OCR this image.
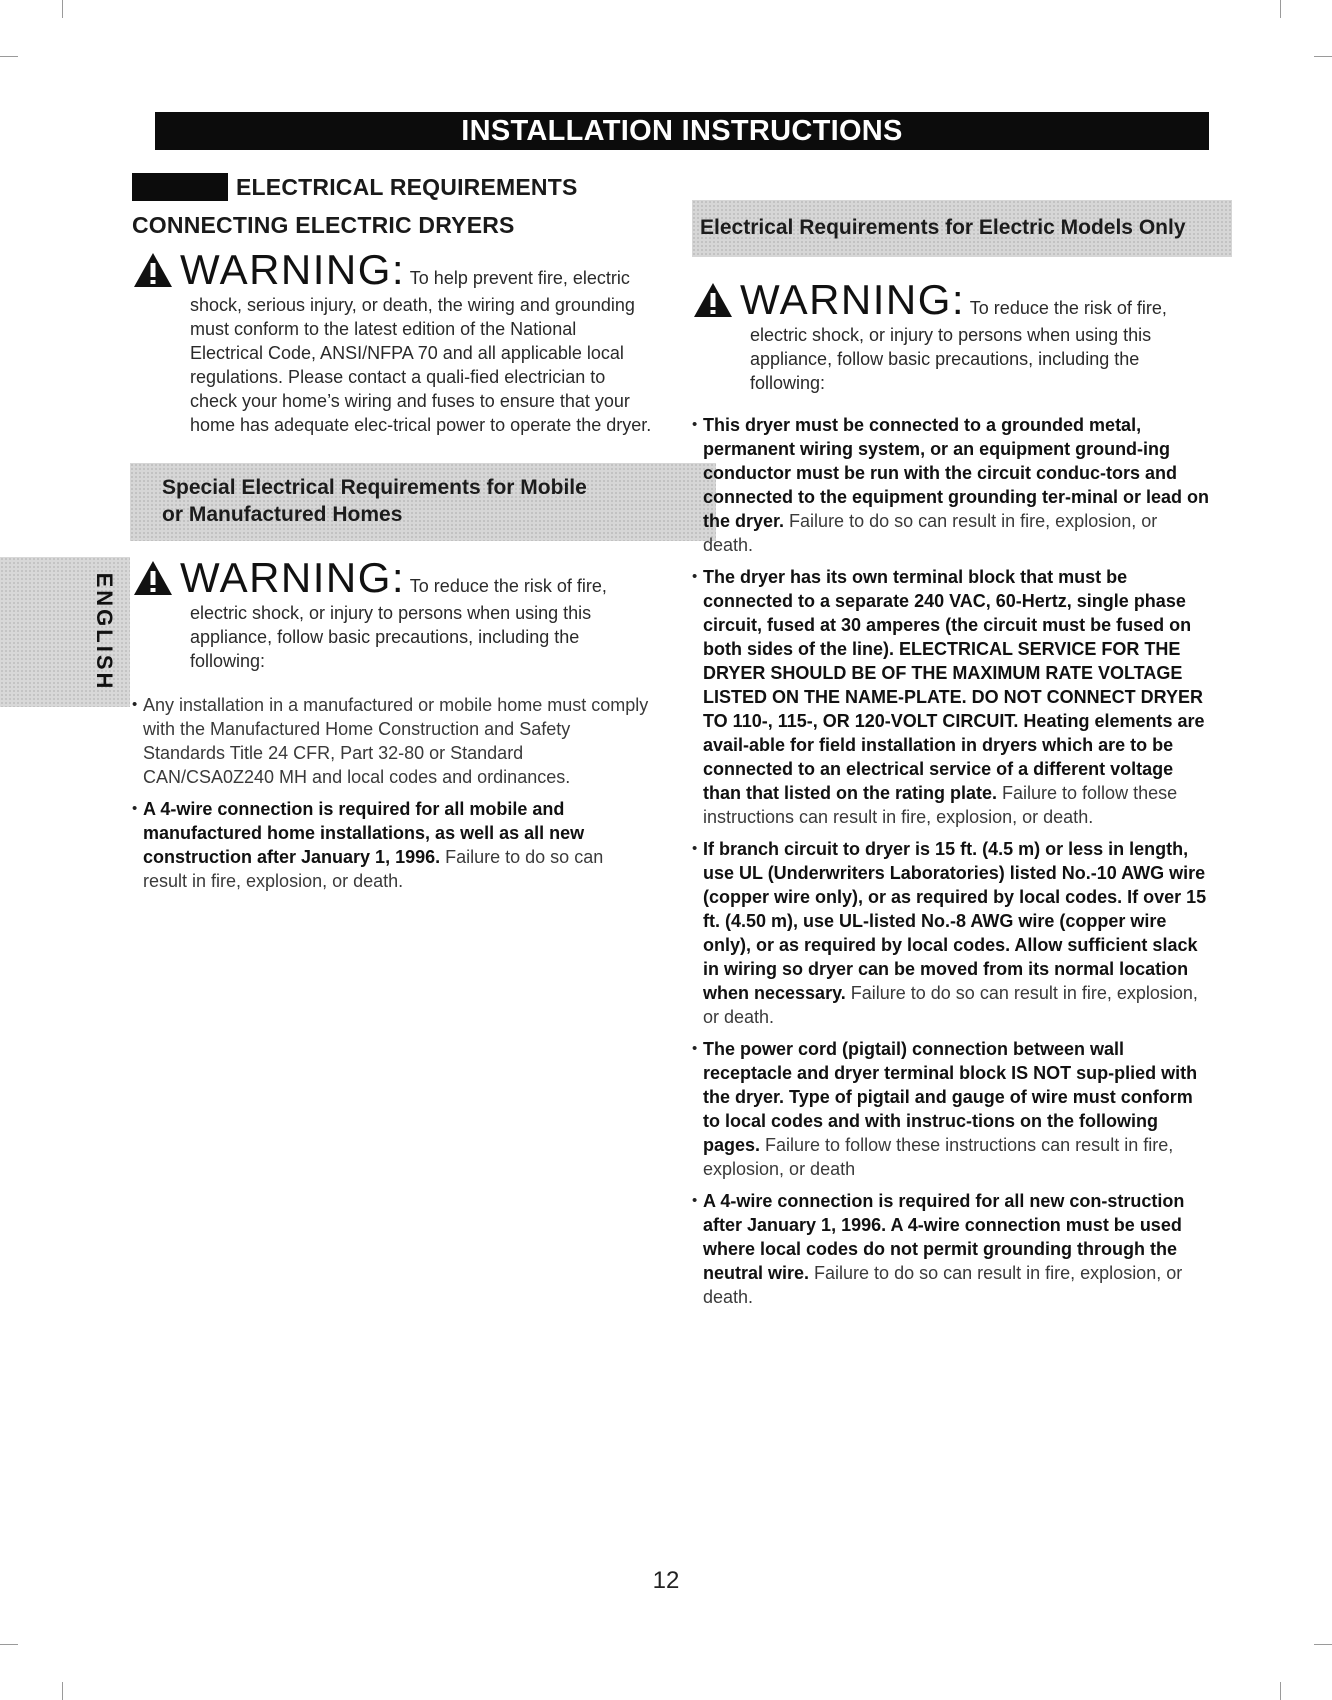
INSTALLATION INSTRUCTIONS
ENGLISH
ELECTRICAL REQUIREMENTS
CONNECTING ELECTRIC DRYERS
WARNING: To help prevent fire, electric

shock, serious injury, or death, the wiring and grounding must conform to the latest edition of the National Electrical Code, ANSI/NFPA 70 and all applicable local regulations. Please contact a quali-fied electrician to check your home’s wiring and fuses to ensure that your home has adequate elec-trical power to operate the dryer.

Special Electrical Requirements for Mobile
or Manufactured Homes
WARNING: To reduce the risk of fire,

electric shock, or injury to persons when using this appliance, follow basic precautions, including the following:

• Any installation in a manufactured or mobile home must comply with the Manufactured Home Construction and Safety Standards Title 24 CFR, Part 32-80 or Standard CAN/CSA0Z240 MH and local codes and ordinances.
• A 4-wire connection is required for all mobile and manufactured home installations, as well as all new construction after January 1, 1996. Failure to do so can result in fire, explosion, or death.
Electrical Requirements for Electric Models Only
WARNING: To reduce the risk of fire,

electric shock, or injury to persons when using this appliance, follow basic precautions, including the following:

• This dryer must be connected to a grounded metal, permanent wiring system, or an equipment ground-ing conductor must be run with the circuit conduc-tors and connected to the equipment grounding ter-minal or lead on the dryer. Failure to do so can result in fire, explosion, or death.
• The dryer has its own terminal block that must be connected to a separate 240 VAC, 60-Hertz, single phase circuit, fused at 30 amperes (the circuit must be fused on both sides of the line). ELECTRICAL SERVICE FOR THE DRYER SHOULD BE OF THE MAXIMUM RATE VOLTAGE LISTED ON THE NAME-PLATE. DO NOT CONNECT DRYER TO 110-, 115-, OR 120-VOLT CIRCUIT. Heating elements are avail-able for field installation in dryers which are to be connected to an electrical service of a different voltage than that listed on the rating plate. Failure to follow these instructions can result in fire, explosion, or death.
• If branch circuit to dryer is 15 ft. (4.5 m) or less in length, use UL (Underwriters Laboratories) listed No.-10 AWG wire (copper wire only), or as required by local codes. If over 15 ft. (4.50 m), use UL-listed No.-8 AWG wire (copper wire only), or as required by local codes. Allow sufficient slack in wiring so dryer can be moved from its normal location when necessary. Failure to do so can result in fire, explosion, or death.
• The power cord (pigtail) connection between wall receptacle and dryer terminal block IS NOT sup-plied with the dryer. Type of pigtail and gauge of wire must conform to local codes and with instruc-tions on the following pages. Failure to follow these instructions can result in fire, explosion, or death
• A 4-wire connection is required for all new con-struction after January 1, 1996. A 4-wire connection must be used where local codes do not permit grounding through the neutral wire. Failure to do so can result in fire, explosion, or death.
12
